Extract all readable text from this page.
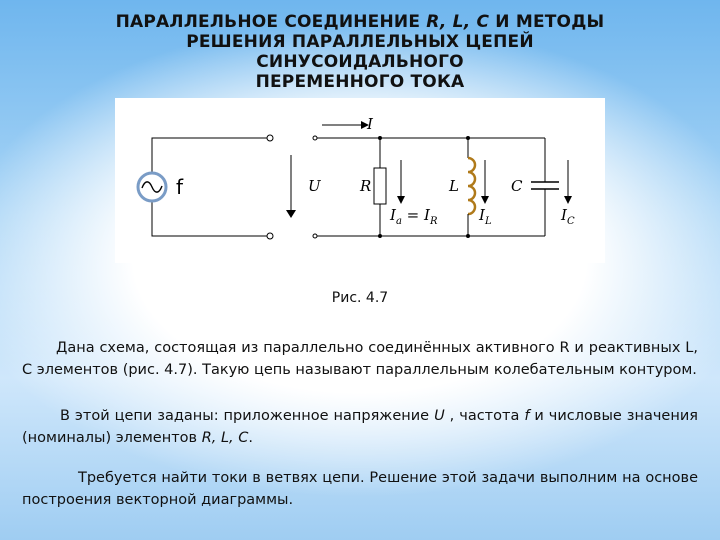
ПАРАЛЛЕЛЬНОЕ СОЕДИНЕНИЕ R, L, C И МЕТОДЫ
РЕШЕНИЯ ПАРАЛЛЕЛЬНЫХ ЦЕПЕЙ
СИНУСОИДАЛЬНОГО
ПЕРЕМЕННОГО ТОКА
f
I
U	R	L	C
$I_a = I_R$	$I_L$	$I_C$
Рис. 4.7
Дана схема, состоящая из параллельно соединённых активного R и реактивных L, C элементов (рис. 4.7). Такую цепь называют параллельным колебательным контуром.
В этой цепи заданы: приложенное напряжение U , частота f и числовые значения (номиналы) элементов R, L, C.
Требуется найти токи в ветвях цепи. Решение этой задачи выполним на основе построения векторной диаграммы.
